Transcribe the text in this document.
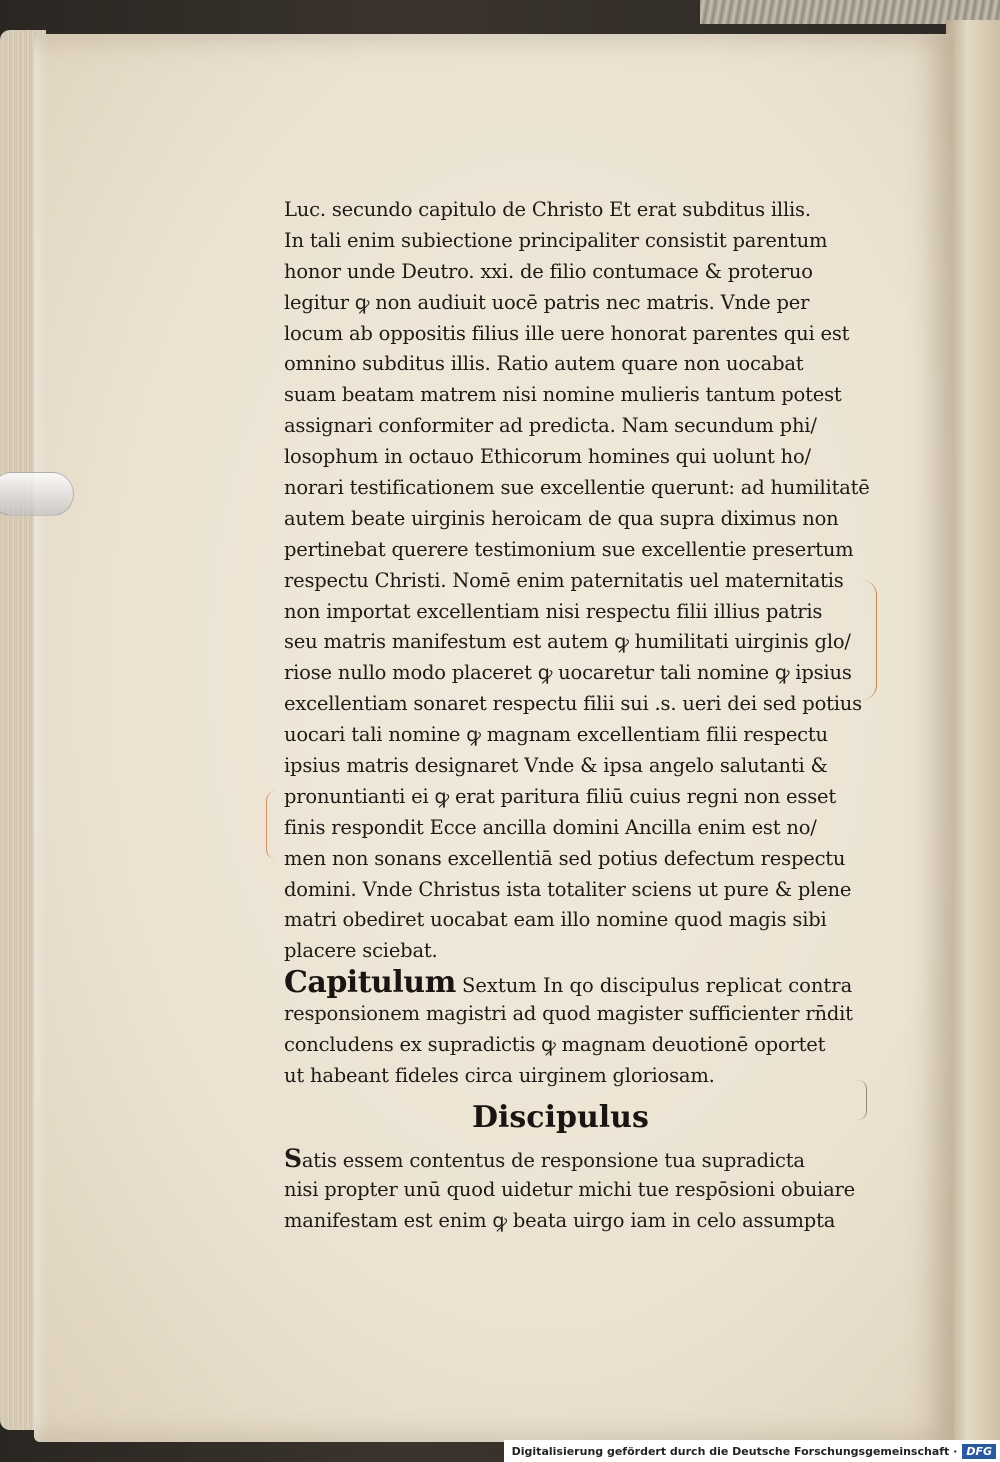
Luc. secundo capitulo de Christo Et erat subditus illis.
In tali enim subiectione principaliter consistit parentum
honor unde Deutro. xxi. de filio contumace & proteruo
legitur ꝙ non audiuit uocē patris nec matris. Vnde per
locum ab oppositis filius ille uere honorat parentes qui est
omnino subditus illis. Ratio autem quare non uocabat
suam beatam matrem nisi nomine mulieris tantum potest
assignari conformiter ad predicta. Nam secundum phi/
losophum in octauo Ethicorum homines qui uolunt ho/
norari testificationem sue excellentie querunt: ad humilitatē
autem beate uirginis heroicam de qua supra diximus non
pertinebat querere testimonium sue excellentie presertum
respectu Christi. Nomē enim paternitatis uel maternitatis
non importat excellentiam nisi respectu filii illius patris
seu matris manifestum est autem ꝙ humilitati uirginis glo/
riose nullo modo placeret ꝙ uocaretur tali nomine ꝙ ipsius
excellentiam sonaret respectu filii sui .s. ueri dei sed potius
uocari tali nomine ꝙ magnam excellentiam filii respectu
ipsius matris designaret Vnde & ipsa angelo salutanti &
pronuntianti ei ꝙ erat paritura filiū cuius regni non esset
finis respondit Ecce ancilla domini Ancilla enim est no/
men non sonans excellentiā sed potius defectum respectu
domini. Vnde Christus ista totaliter sciens ut pure & plene
matri obediret uocabat eam illo nomine quod magis sibi
placere sciebat.
Capitulum Sextum In qo discipulus replicat contra
responsionem magistri ad quod magister sufficienter rn̄dit
concludens ex supradictis ꝙ magnam deuotionē oportet
ut habeant fideles circa uirginem gloriosam.
Discipulus
Satis essem contentus de responsione tua supradicta
nisi propter unū quod uidetur michi tue respōsioni obuiare
manifestam est enim ꝙ beata uirgo iam in celo assumpta
Digitalisierung gefördert durch die Deutsche Forschungsgemeinschaft · DFG
